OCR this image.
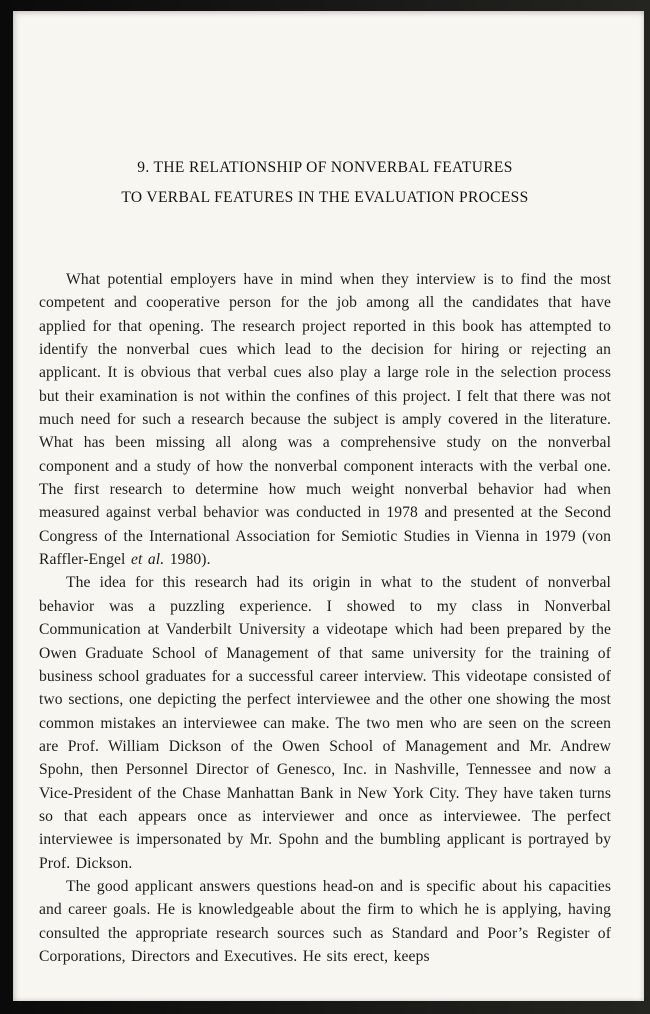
9. THE RELATIONSHIP OF NONVERBAL FEATURES
TO VERBAL FEATURES IN THE EVALUATION PROCESS

What potential employers have in mind when they interview is to find the most competent and cooperative person for the job among all the candidates that have applied for that opening. The research project reported in this book has attempted to identify the nonverbal cues which lead to the decision for hiring or rejecting an applicant. It is obvious that verbal cues also play a large role in the selection process but their examination is not within the confines of this project. I felt that there was not much need for such a research because the subject is amply covered in the literature. What has been missing all along was a comprehensive study on the nonverbal component and a study of how the nonverbal component interacts with the verbal one. The first research to determine how much weight nonverbal behavior had when measured against verbal behavior was conducted in 1978 and presented at the Second Congress of the International Association for Semiotic Studies in Vienna in 1979 (von Raffler-Engel et al. 1980).

The idea for this research had its origin in what to the student of nonverbal behavior was a puzzling experience. I showed to my class in Nonverbal Communication at Vanderbilt University a videotape which had been prepared by the Owen Graduate School of Management of that same university for the training of business school graduates for a successful career interview. This videotape consisted of two sections, one depicting the perfect interviewee and the other one showing the most common mistakes an interviewee can make. The two men who are seen on the screen are Prof. William Dickson of the Owen School of Management and Mr. Andrew Spohn, then Personnel Director of Genesco, Inc. in Nashville, Tennessee and now a Vice-President of the Chase Manhattan Bank in New York City. They have taken turns so that each appears once as interviewer and once as interviewee. The perfect interviewee is impersonated by Mr. Spohn and the bumbling applicant is portrayed by Prof. Dickson.

The good applicant answers questions head-on and is specific about his capacities and career goals. He is knowledgeable about the firm to which he is applying, having consulted the appropriate research sources such as Standard and Poor’s Register of Corporations, Directors and Executives. He sits erect, keeps
